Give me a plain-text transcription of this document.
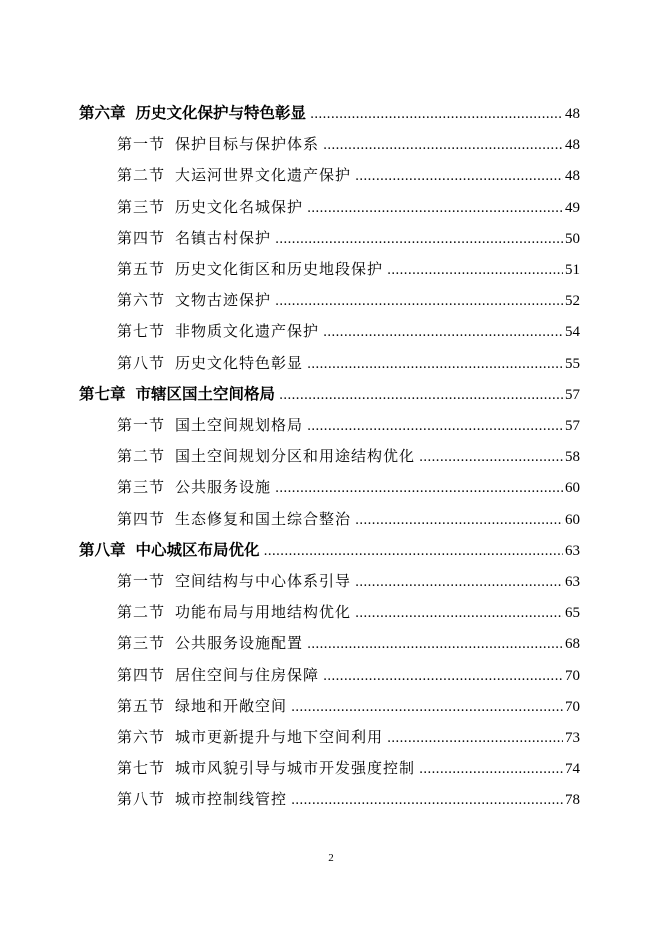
第六章 历史文化保护与特色彰显 .....	48
第一节 保护目标与保护体系 .....	48
第二节 大运河世界文化遗产保护 .....	48
第三节 历史文化名城保护 .....	49
第四节 名镇古村保护 .....	50
第五节 历史文化街区和历史地段保护 .....	51
第六节 文物古迹保护 .....	52
第七节 非物质文化遗产保护 .....	54
第八节 历史文化特色彰显 .....	55
第七章 市辖区国土空间格局 .....	57
第一节 国土空间规划格局 .....	57
第二节 国土空间规划分区和用途结构优化 .....	58
第三节 公共服务设施 .....	60
第四节 生态修复和国土综合整治 .....	60
第八章 中心城区布局优化 .....	63
第一节 空间结构与中心体系引导 .....	63
第二节 功能布局与用地结构优化 .....	65
第三节 公共服务设施配置 .....	68
第四节 居住空间与住房保障 .....	70
第五节 绿地和开敞空间 .....	70
第六节 城市更新提升与地下空间利用 .....	73
第七节 城市风貌引导与城市开发强度控制 .....	74
第八节 城市控制线管控 .....	78
2
